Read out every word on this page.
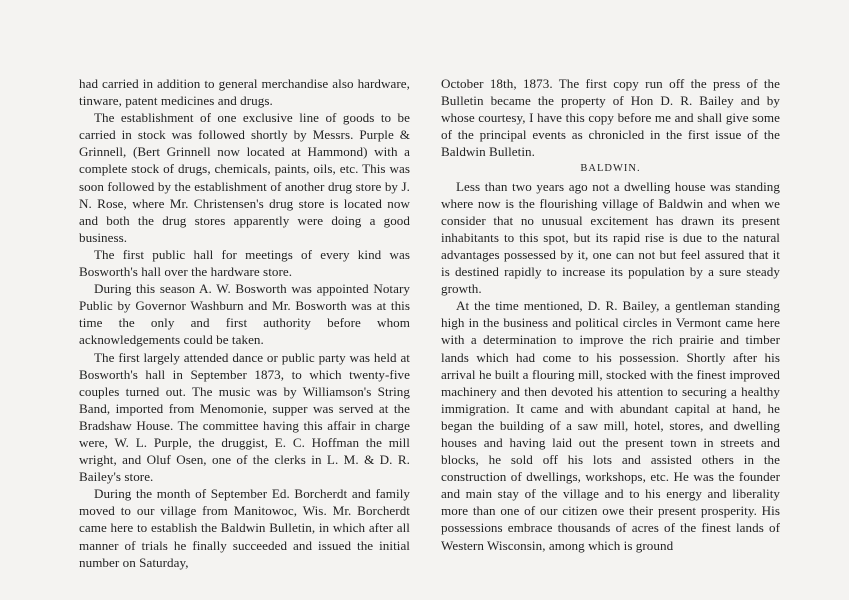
had carried in addition to general merchandise also hardware, tinware, patent medicines and drugs.

The establishment of one exclusive line of goods to be carried in stock was followed shortly by Messrs. Purple & Grinnell, (Bert Grinnell now located at Hammond) with a complete stock of drugs, chemicals, paints, oils, etc. This was soon followed by the establishment of another drug store by J. N. Rose, where Mr. Christensen's drug store is located now and both the drug stores apparently were doing a good business.

The first public hall for meetings of every kind was Bosworth's hall over the hardware store.

During this season A. W. Bosworth was appointed Notary Public by Governor Washburn and Mr. Bosworth was at this time the only and first authority before whom acknowledgements could be taken.

The first largely attended dance or public party was held at Bosworth's hall in September 1873, to which twenty-five couples turned out. The music was by Williamson's String Band, imported from Menomonie, supper was served at the Bradshaw House. The committee having this affair in charge were, W. L. Purple, the druggist, E. C. Hoffman the mill wright, and Oluf Osen, one of the clerks in L. M. & D. R. Bailey's store.

During the month of September Ed. Borcherdt and family moved to our village from Manitowoc, Wis. Mr. Borcherdt came here to establish the Baldwin Bulletin, in which after all manner of trials he finally succeeded and issued the initial number on Saturday,

October 18th, 1873. The first copy run off the press of the Bulletin became the property of Hon D. R. Bailey and by whose courtesy, I have this copy before me and shall give some of the principal events as chronicled in the first issue of the Baldwin Bulletin.

BALDWIN.

Less than two years ago not a dwelling house was standing where now is the flourishing village of Baldwin and when we consider that no unusual excitement has drawn its present inhabitants to this spot, but its rapid rise is due to the natural advantages possessed by it, one can not but feel assured that it is destined rapidly to increase its population by a sure steady growth.

At the time mentioned, D. R. Bailey, a gentleman standing high in the business and political circles in Vermont came here with a determination to improve the rich prairie and timber lands which had come to his possession. Shortly after his arrival he built a flouring mill, stocked with the finest improved machinery and then devoted his attention to securing a healthy immigration. It came and with abundant capital at hand, he began the building of a saw mill, hotel, stores, and dwelling houses and having laid out the present town in streets and blocks, he sold off his lots and assisted others in the construction of dwellings, workshops, etc. He was the founder and main stay of the village and to his energy and liberality more than one of our citizen owe their present prosperity. His possessions embrace thousands of acres of the finest lands of Western Wisconsin, among which is ground
